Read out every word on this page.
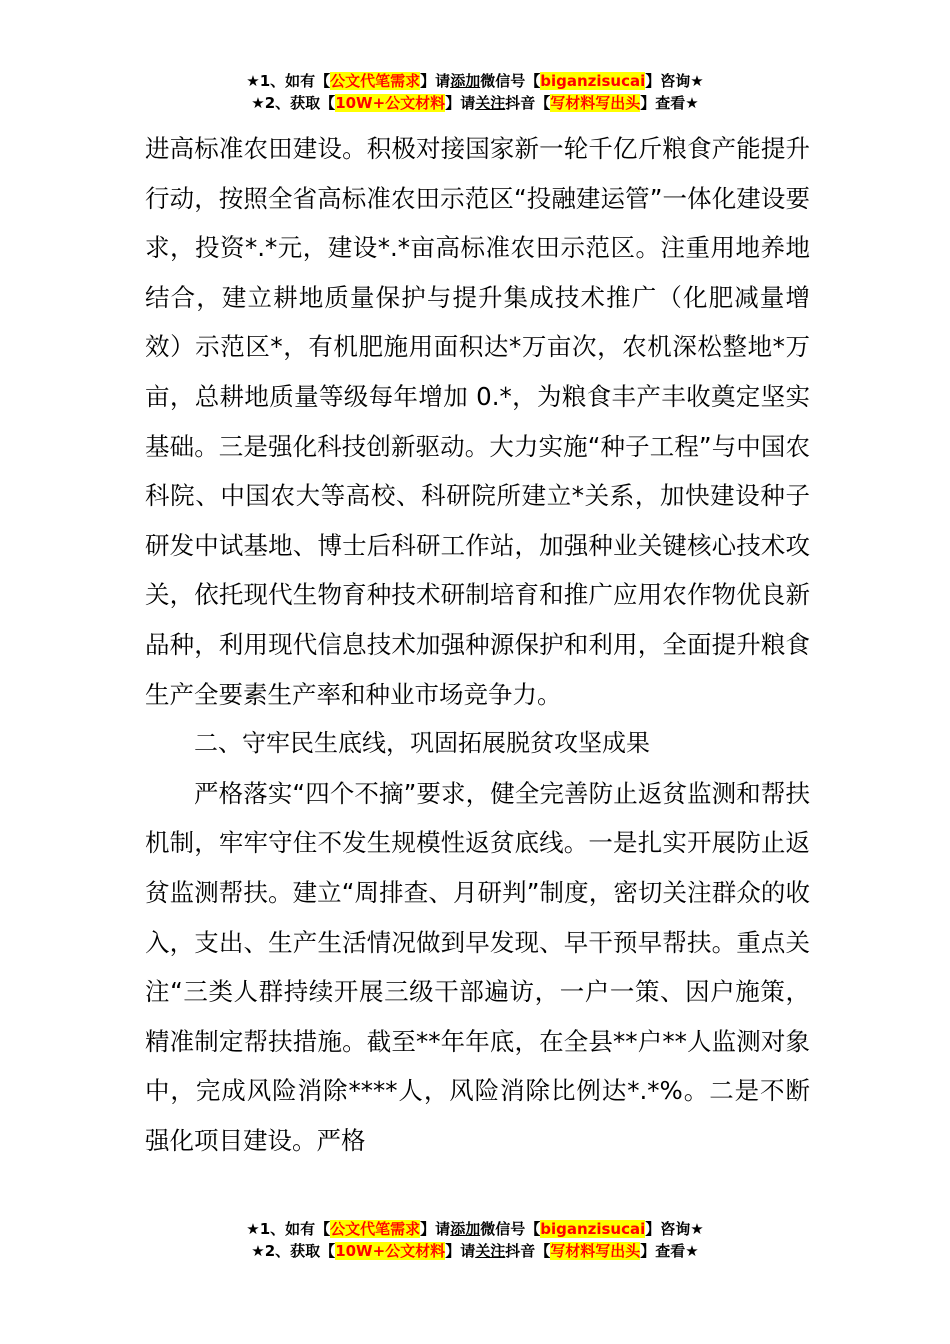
★1、如有【公文代笔需求】请添加微信号【biganzisucai】咨询★
★2、获取【10W+公文材料】请关注抖音【写材料写出头】查看★

进高标准农田建设。积极对接国家新一轮千亿斤粮食产能提升行动，按照全省高标准农田示范区“投融建运管”一体化建设要求，投资*.*元，建设*.*亩高标准农田示范区。注重用地养地结合，建立耕地质量保护与提升集成技术推广（化肥减量增效）示范区*，有机肥施用面积达*万亩次，农机深松整地*万亩，总耕地质量等级每年增加 0.*，为粮食丰产丰收奠定坚实基础。三是强化科技创新驱动。大力实施“种子工程”与中国农科院、中国农大等高校、科研院所建立*关系，加快建设种子研发中试基地、博士后科研工作站，加强种业关键核心技术攻关，依托现代生物育种技术研制培育和推广应用农作物优良新品种，利用现代信息技术加强种源保护和利用，全面提升粮食生产全要素生产率和种业市场竞争力。

二、守牢民生底线，巩固拓展脱贫攻坚成果

严格落实“四个不摘”要求，健全完善防止返贫监测和帮扶机制，牢牢守住不发生规模性返贫底线。一是扎实开展防止返贫监测帮扶。建立“周排查、月研判”制度，密切关注群众的收入，支出、生产生活情况做到早发现、早干预早帮扶。重点关注“三类人群持续开展三级干部遍访，一户一策、因户施策，精准制定帮扶措施。截至**年年底，在全县**户**人监测对象中，完成风险消除****人，风险消除比例达*.*%。二是不断强化项目建设。严格

★1、如有【公文代笔需求】请添加微信号【biganzisucai】咨询★
★2、获取【10W+公文材料】请关注抖音【写材料写出头】查看★
